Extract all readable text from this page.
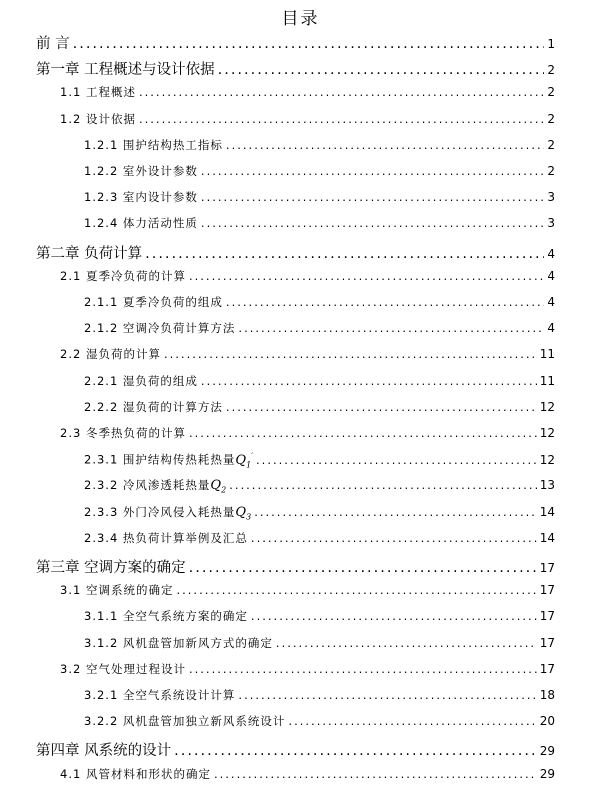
目录
前 言 .....	1
第一章 工程概述与设计依据 .....	2
1.1 工程概述 .....	2
1.2 设计依据 .....	2
1.2.1 围护结构热工指标 .....	2
1.2.2 室外设计参数 .....	2
1.2.3 室内设计参数 .....	3
1.2.4 体力活动性质 .....	3
第二章 负荷计算 .....	4
2.1 夏季冷负荷的计算 .....	4
2.1.1 夏季冷负荷的组成 .....	4
2.1.2 空调冷负荷计算方法 .....	4
2.2 湿负荷的计算 .....	11
2.2.1 湿负荷的组成 .....	11
2.2.2 湿负荷的计算方法 .....	12
2.3 冬季热负荷的计算 .....	12
2.3.1 围护结构传热耗热量$Q_1'$ .....	12
2.3.2 冷风渗透耗热量$Q_2$ .....	13
2.3.3 外门冷风侵入耗热量$Q_3$ .....	14
2.3.4 热负荷计算举例及汇总 .....	14
第三章 空调方案的确定 .....	17
3.1 空调系统的确定 .....	17
3.1.1 全空气系统方案的确定 .....	17
3.1.2 风机盘管加新风方式的确定 .....	17
3.2 空气处理过程设计 .....	17
3.2.1 全空气系统设计计算 .....	18
3.2.2 风机盘管加独立新风系统设计 .....	20
第四章 风系统的设计 .....	29
4.1 风管材料和形状的确定 .....	29
